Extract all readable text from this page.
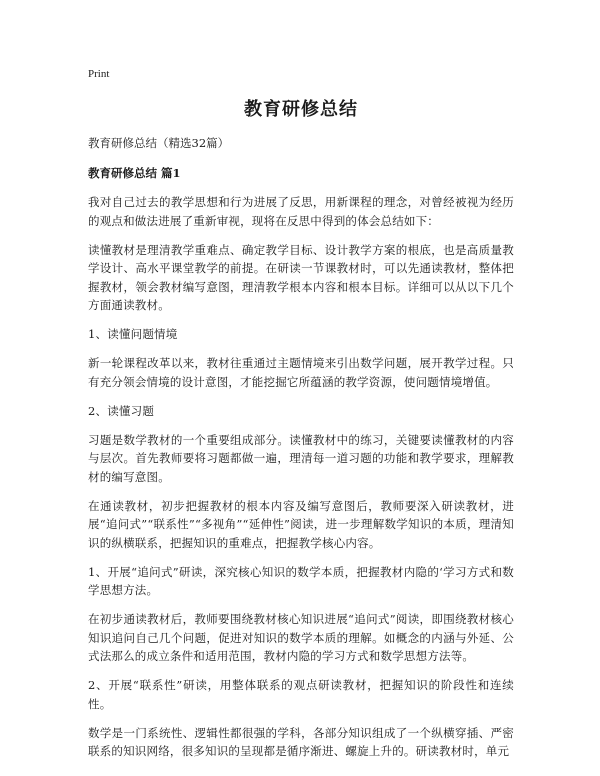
Print
教育研修总结
教育研修总结（精选32篇）
教育研修总结 篇1

我对自己过去的教学思想和行为进展了反思，用新课程的理念，对曾经被视为经历的观点和做法进展了重新审视，现将在反思中得到的体会总结如下：

读懂教材是理清教学重难点、确定教学目标、设计教学方案的根底，也是高质量教学设计、高水平课堂教学的前提。在研读一节课教材时，可以先通读教材，整体把握教材，领会教材编写意图，理清教学根本内容和根本目标。详细可以从以下几个方面通读教材。

1、读懂问题情境

新一轮课程改革以来，教材往重通过主题情境来引出数学问题，展开教学过程。只有充分领会情境的设计意图，才能挖掘它所蕴涵的教学资源，使问题情境增值。

2、读懂习题

习题是数学教材的一个重要组成部分。读懂教材中的练习，关键要读懂教材的内容与层次。首先教师要将习题都做一遍，理清每一道习题的功能和教学要求，理解教材的编写意图。

在通读教材，初步把握教材的根本内容及编写意图后，教师要深入研读教材，进展“追问式”“联系性”“多视角”“延伸性”阅读，进一步理解数学知识的本质，理清知识的纵横联系，把握知识的重难点，把握教学核心内容。

1、开展“追问式”研读，深究核心知识的数学本质，把握教材内隐的‘学习方式和数学思想方法。

在初步通读教材后，教师要围绕教材核心知识进展“追问式”阅读，即围绕教材核心知识追问自己几个问题，促进对知识的数学本质的理解。如概念的内涵与外延、公式法那么的成立条件和适用范围，教材内隐的学习方式和数学思想方法等。

2、开展“联系性”研读，用整体联系的观点研读教材，把握知识的阶段性和连续性。

数学是一门系统性、逻辑性都很强的学科，各部分知识组成了一个纵横穿插、严密联系的知识网络，很多知识的呈现都是循序渐进、螺旋上升的。研读教材时，单元
